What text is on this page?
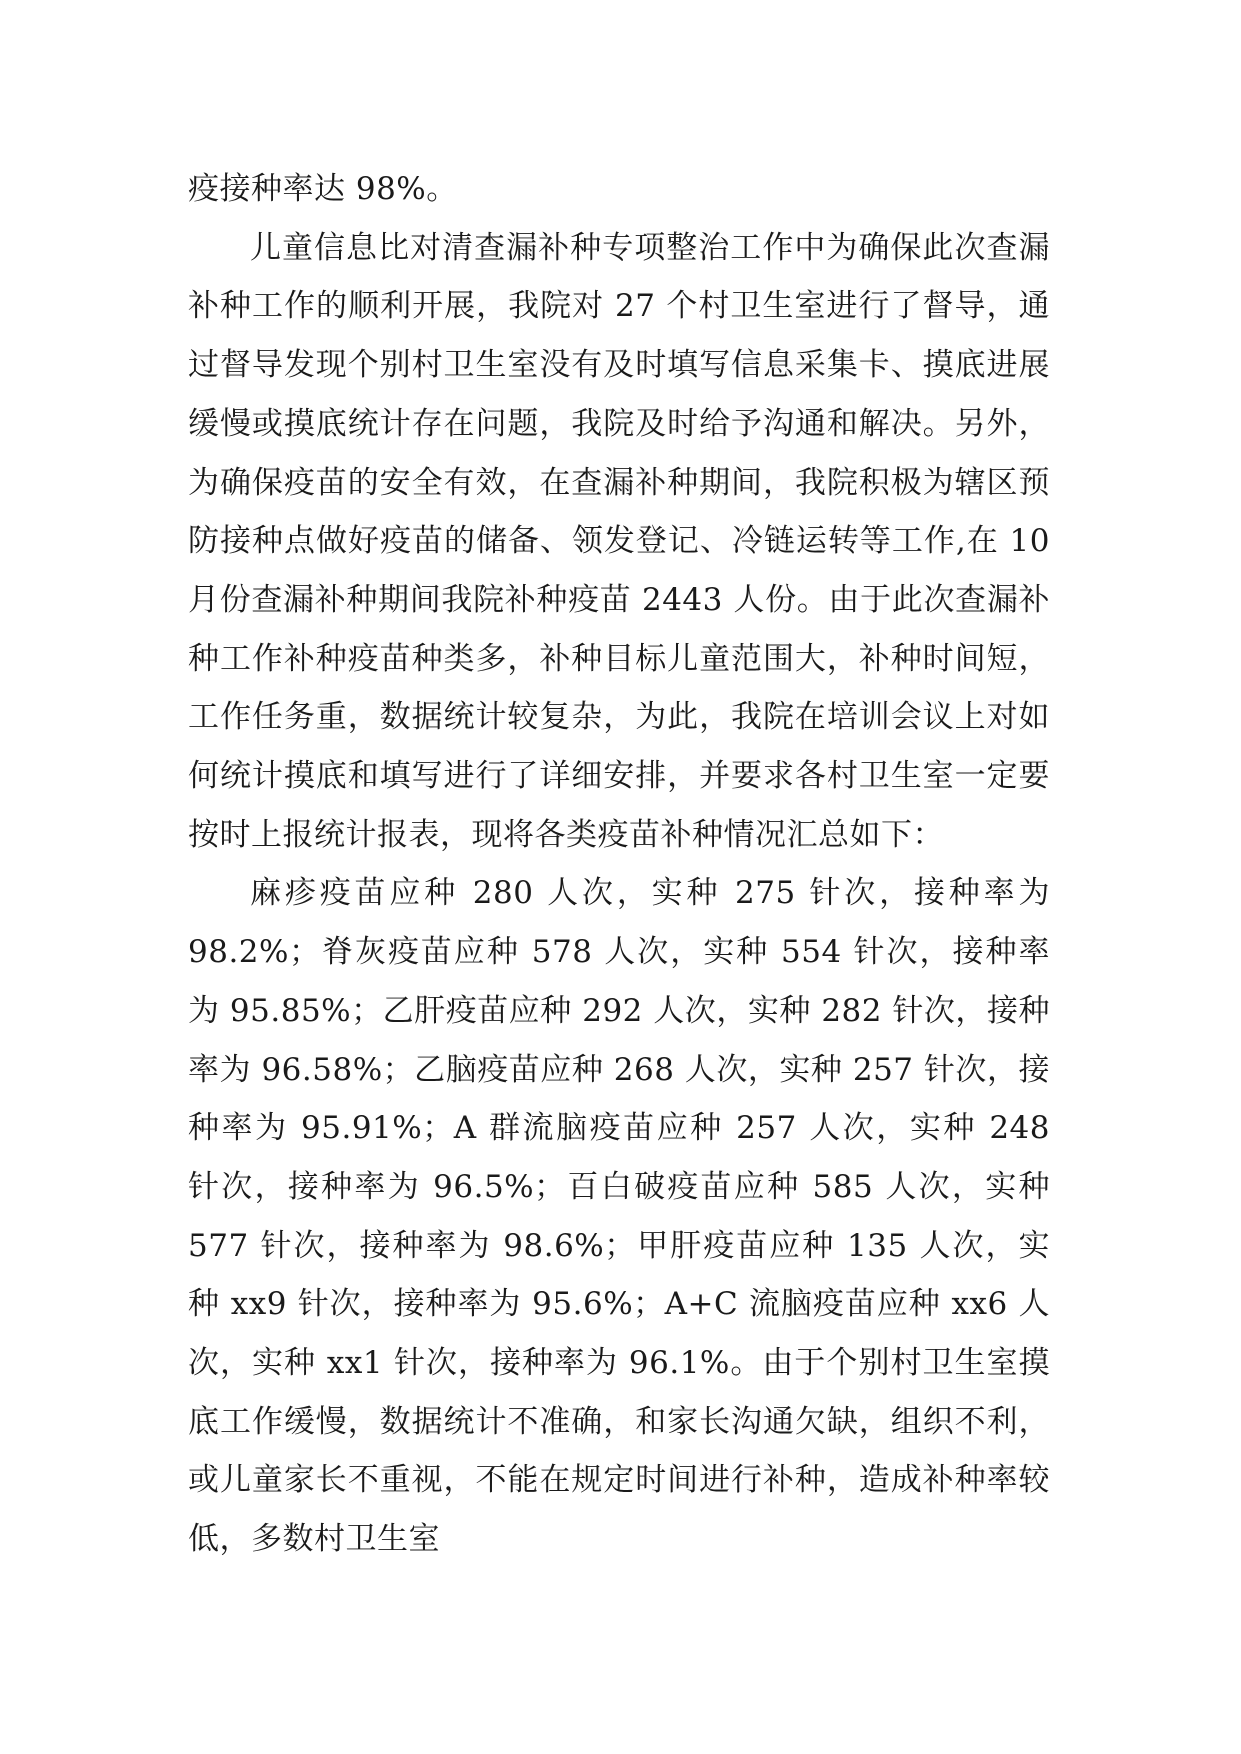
疫接种率达 98%。

儿童信息比对清查漏补种专项整治工作中为确保此次查漏补种工作的顺利开展，我院对 27 个村卫生室进行了督导，通过督导发现个别村卫生室没有及时填写信息采集卡、摸底进展缓慢或摸底统计存在问题，我院及时给予沟通和解决。另外，为确保疫苗的安全有效，在查漏补种期间，我院积极为辖区预防接种点做好疫苗的储备、领发登记、冷链运转等工作,在 10 月份查漏补种期间我院补种疫苗 2443 人份。由于此次查漏补种工作补种疫苗种类多，补种目标儿童范围大，补种时间短，工作任务重，数据统计较复杂，为此，我院在培训会议上对如何统计摸底和填写进行了详细安排，并要求各村卫生室一定要按时上报统计报表，现将各类疫苗补种情况汇总如下：

麻疹疫苗应种 280 人次，实种 275 针次，接种率为 98.2%；脊灰疫苗应种 578 人次，实种 554 针次，接种率为 95.85%；乙肝疫苗应种 292 人次，实种 282 针次，接种率为 96.58%；乙脑疫苗应种 268 人次，实种 257 针次，接种率为 95.91%；A 群流脑疫苗应种 257 人次，实种 248 针次，接种率为 96.5%；百白破疫苗应种 585 人次，实种 577 针次，接种率为 98.6%；甲肝疫苗应种 135 人次，实种 xx9 针次，接种率为 95.6%；A+C 流脑疫苗应种 xx6 人次，实种 xx1 针次，接种率为 96.1%。由于个别村卫生室摸底工作缓慢，数据统计不准确，和家长沟通欠缺，组织不利，或儿童家长不重视，不能在规定时间进行补种，造成补种率较低，多数村卫生室
